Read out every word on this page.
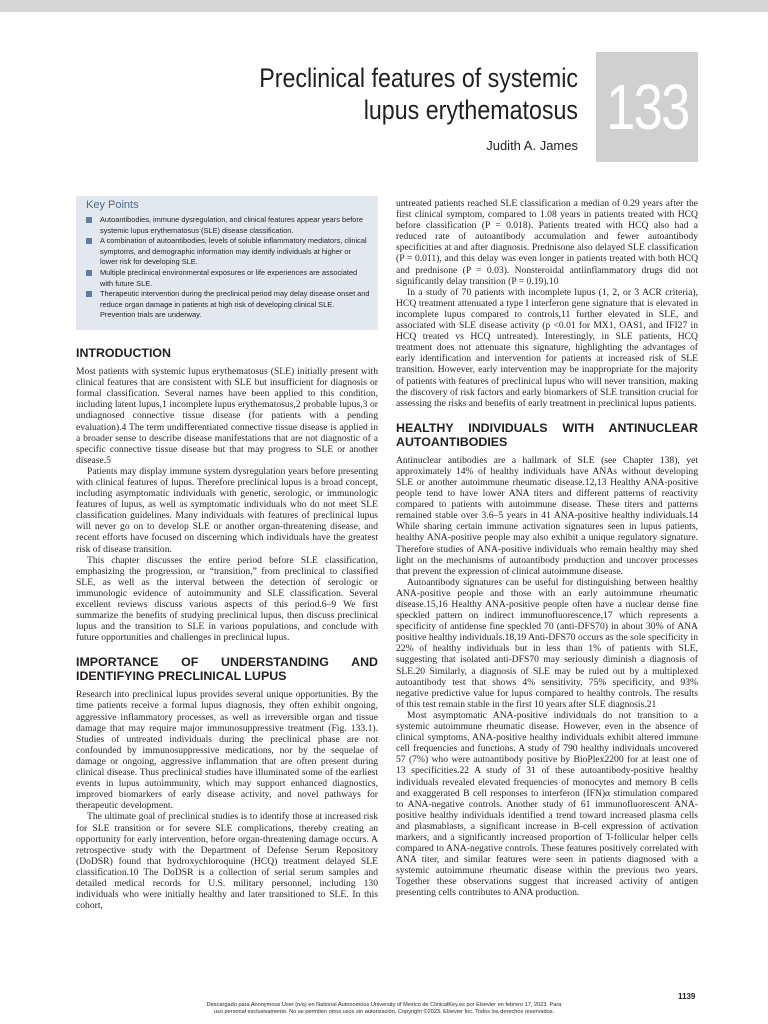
Preclinical features of systemic lupus erythematosus
Judith A. James
133
Key Points
Autoantibodies, immune dysregulation, and clinical features appear years before systemic lupus erythematosus (SLE) disease classification.
A combination of autoantibodies, levels of soluble inflammatory mediators, clinical symptoms, and demographic information may identify individuals at higher or lower risk for developing SLE.
Multiple preclinical environmental exposures or life experiences are associated with future SLE.
Therapeutic intervention during the preclinical period may delay disease onset and reduce organ damage in patients at high risk of developing clinical SLE. Prevention trials are underway.
INTRODUCTION

Most patients with systemic lupus erythematosus (SLE) initially present with clinical features that are consistent with SLE but insufficient for diagnosis or formal classification. Several names have been applied to this condition, including latent lupus,1 incomplete lupus erythematosus,2 probable lupus,3 or undiagnosed connective tissue disease (for patients with a pending evaluation).4 The term undifferentiated connective tissue disease is applied in a broader sense to describe disease manifestations that are not diagnostic of a specific connective tissue disease but that may progress to SLE or another disease.5

Patients may display immune system dysregulation years before presenting with clinical features of lupus. Therefore preclinical lupus is a broad concept, including asymptomatic individuals with genetic, serologic, or immunologic features of lupus, as well as symptomatic individuals who do not meet SLE classification guidelines. Many individuals with features of preclinical lupus will never go on to develop SLE or another organ-threatening disease, and recent efforts have focused on discerning which individuals have the greatest risk of disease transition.

This chapter discusses the entire period before SLE classification, emphasizing the progression, or “transition,” from preclinical to classified SLE, as well as the interval between the detection of serologic or immunologic evidence of autoimmunity and SLE classification. Several excellent reviews discuss various aspects of this period.6–9 We first summarize the benefits of studying preclinical lupus, then discuss preclinical lupus and the transition to SLE in various populations, and conclude with future opportunities and challenges in preclinical lupus.

IMPORTANCE OF UNDERSTANDING AND IDENTIFYING PRECLINICAL LUPUS

Research into preclinical lupus provides several unique opportunities. By the time patients receive a formal lupus diagnosis, they often exhibit ongoing, aggressive inflammatory processes, as well as irreversible organ and tissue damage that may require major immunosuppressive treatment (Fig. 133.1). Studies of untreated individuals during the preclinical phase are not confounded by immunosuppressive medications, nor by the sequelae of damage or ongoing, aggressive inflammation that are often present during clinical disease. Thus preclinical studies have illuminated some of the earliest events in lupus autoimmunity, which may support enhanced diagnostics, improved biomarkers of early disease activity, and novel pathways for therapeutic development.

The ultimate goal of preclinical studies is to identify those at increased risk for SLE transition or for severe SLE complications, thereby creating an opportunity for early intervention, before organ-threatening damage occurs. A retrospective study with the Department of Defense Serum Repository (DoDSR) found that hydroxychloroquine (HCQ) treatment delayed SLE classification.10 The DoDSR is a collection of serial serum samples and detailed medical records for U.S. military personnel, including 130 individuals who were initially healthy and later transitioned to SLE. In this cohort,

untreated patients reached SLE classification a median of 0.29 years after the first clinical symptom, compared to 1.08 years in patients treated with HCQ before classification (P = 0.018). Patients treated with HCQ also had a reduced rate of autoantibody accumulation and fewer autoantibody specificities at and after diagnosis. Prednisone also delayed SLE classification (P = 0.011), and this delay was even longer in patients treated with both HCQ and prednisone (P = 0.03). Nonsteroidal antiinflammatory drugs did not significantly delay transition (P = 0.19).10

In a study of 70 patients with incomplete lupus (1, 2, or 3 ACR criteria), HCQ treatment attenuated a type I interferon gene signature that is elevated in incomplete lupus compared to controls,11 further elevated in SLE, and associated with SLE disease activity (p <0.01 for MX1, OAS1, and IFI27 in HCQ treated vs HCQ untreated). Interestingly, in SLE patients, HCQ treatment does not attenuate this signature, highlighting the advantages of early identification and intervention for patients at increased risk of SLE transition. However, early intervention may be inappropriate for the majority of patients with features of preclinical lupus who will never transition, making the discovery of risk factors and early biomarkers of SLE transition crucial for assessing the risks and benefits of early treatment in preclinical lupus patients.

HEALTHY INDIVIDUALS WITH ANTINUCLEAR AUTOANTIBODIES

Antinuclear antibodies are a hallmark of SLE (see Chapter 138), yet approximately 14% of healthy individuals have ANAs without developing SLE or another autoimmune rheumatic disease.12,13 Healthy ANA-positive people tend to have lower ANA titers and different patterns of reactivity compared to patients with autoimmune disease. These titers and patterns remained stable over 3.6–5 years in 41 ANA-positive healthy individuals.14 While sharing certain immune activation signatures seen in lupus patients, healthy ANA-positive people may also exhibit a unique regulatory signature. Therefore studies of ANA-positive individuals who remain healthy may shed light on the mechanisms of autoantibody production and uncover processes that prevent the expression of clinical autoimmune disease.

Autoantibody signatures can be useful for distinguishing between healthy ANA-positive people and those with an early autoimmune rheumatic disease.15,16 Healthy ANA-positive people often have a nuclear dense fine speckled pattern on indirect immunofluorescence,17 which represents a specificity of antidense fine speckled 70 (anti-DFS70) in about 30% of ANA positive healthy individuals.18,19 Anti-DFS70 occurs as the sole specificity in 22% of healthy individuals but in less than 1% of patients with SLE, suggesting that isolated anti-DFS70 may seriously diminish a diagnosis of SLE.20 Similarly, a diagnosis of SLE may be ruled out by a multiplexed autoantibody test that shows 4% sensitivity, 75% specificity, and 93% negative predictive value for lupus compared to healthy controls. The results of this test remain stable in the first 10 years after SLE diagnosis.21

Most asymptomatic ANA-positive individuals do not transition to a systemic autoimmune rheumatic disease. However, even in the absence of clinical symptoms, ANA-positive healthy individuals exhibit altered immune cell frequencies and functions. A study of 790 healthy individuals uncovered 57 (7%) who were autoantibody positive by BioPlex2200 for at least one of 13 specificities.22 A study of 31 of these autoantibody-positive healthy individuals revealed elevated frequencies of monocytes and memory B cells and exaggerated B cell responses to interferon (IFN)α stimulation compared to ANA-negative controls. Another study of 61 immunofluorescent ANA-positive healthy individuals identified a trend toward increased plasma cells and plasmablasts, a significant increase in B-cell expression of activation markers, and a significantly increased proportion of T-follicular helper cells compared to ANA-negative controls. These features positively correlated with ANA titer, and similar features were seen in patients diagnosed with a systemic autoimmune rheumatic disease within the previous two years. Together these observations suggest that increased activity of antigen presenting cells contributes to ANA production.

1139
Descargado para Anonymous User (n/a) en National Autonomous University of Mexico de ClinicalKey.es por Elsevier en febrero 17, 2023. Para
uso personal exclusivamente. No se permiten otros usos sin autorización. Copyright ©2023. Elsevier Inc. Todos los derechos reservados.
